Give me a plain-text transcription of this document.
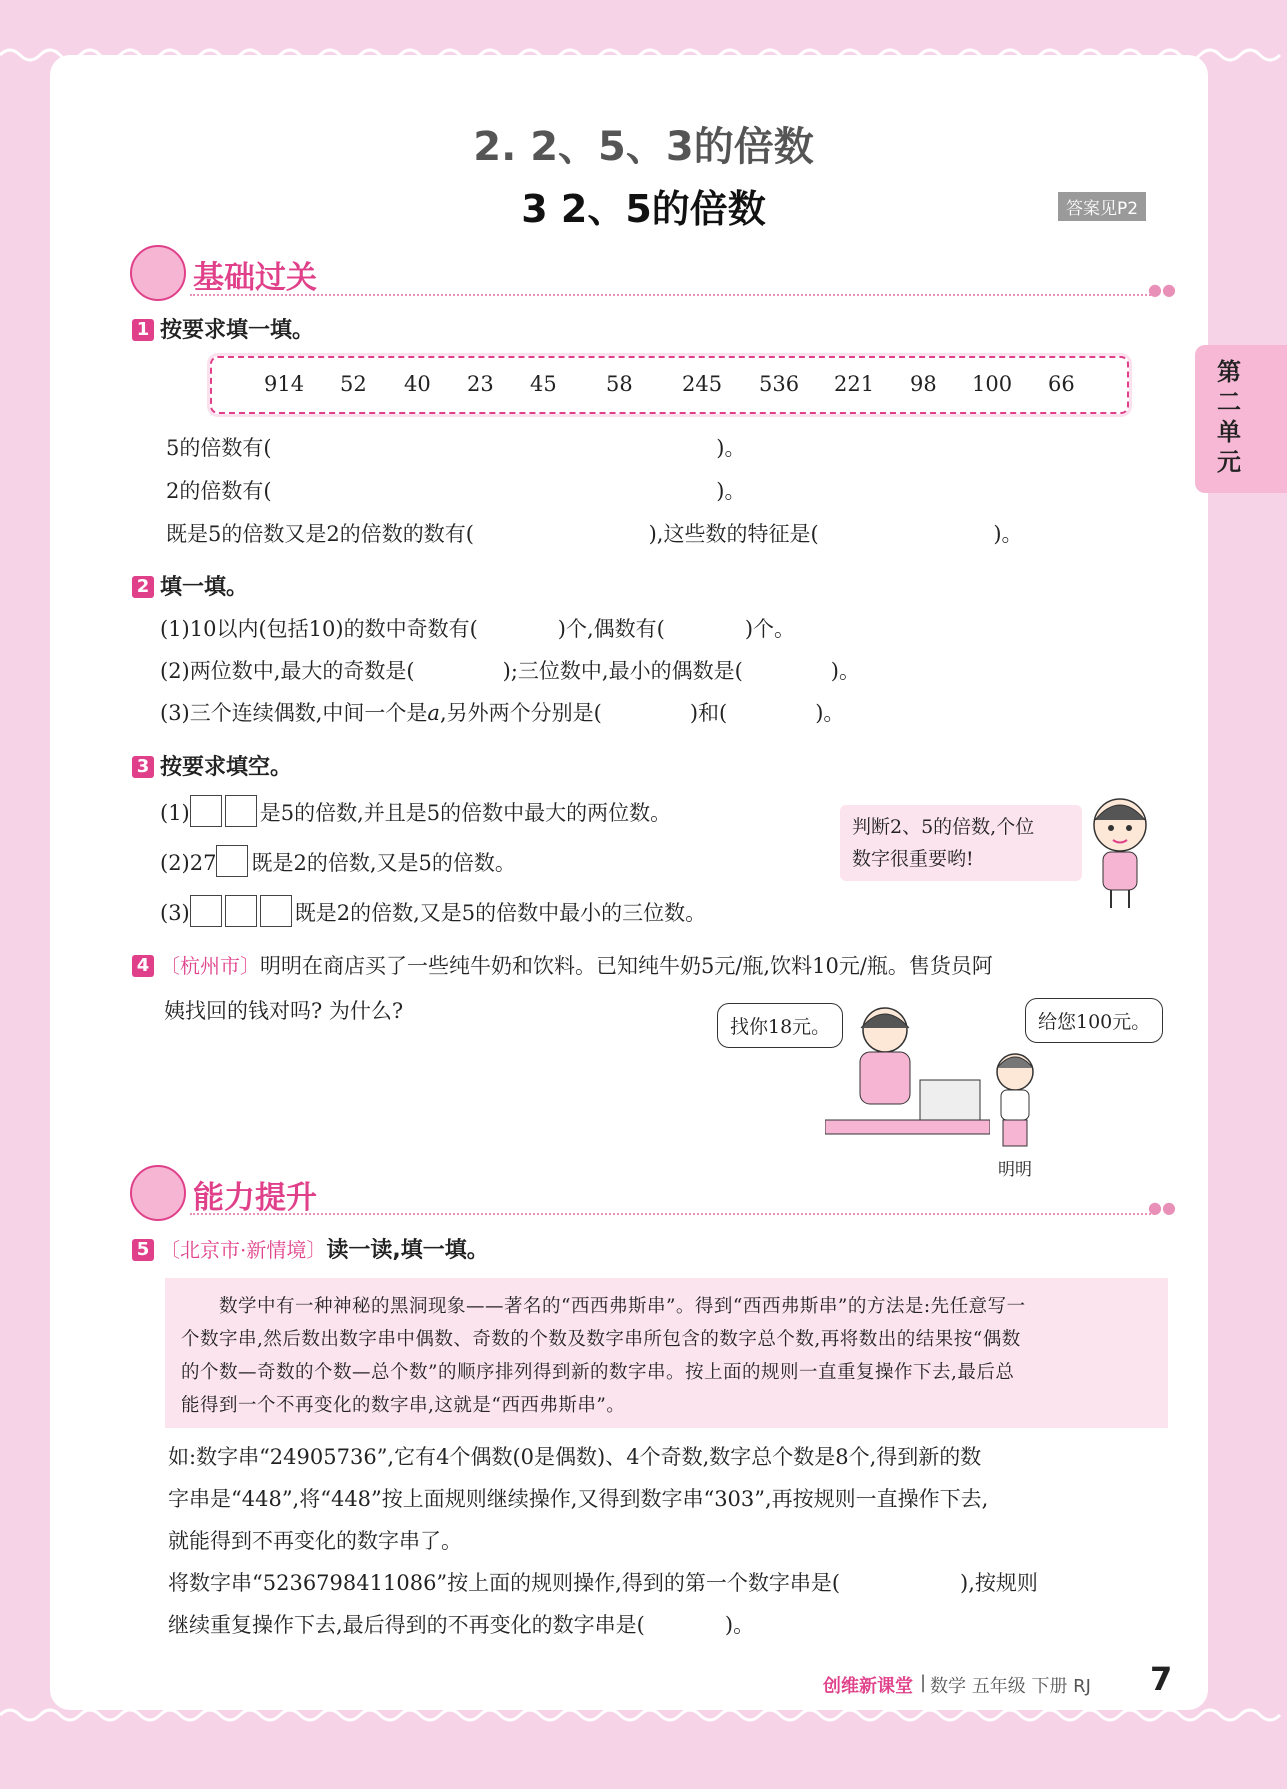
第二单元
2. 2、5、3的倍数
3 2、5的倍数	答案见P2
基础过关	●●
1 按要求填一填。
914 52 40 23 45 58 245 536 221 98 100 66
5的倍数有(	)。
2的倍数有(	)。
既是5的倍数又是2的倍数的数有(	),这些数的特征是(	)。
2 填一填。
(1)10以内(包括10)的数中奇数有(	)个,偶数有(	)个。
(2)两位数中,最大的奇数是(	);三位数中,最小的偶数是(	)。
(3)三个连续偶数,中间一个是a,另外两个分别是(	)和(	)。
3 按要求填空。
(1)	是5的倍数,并且是5的倍数中最大的两位数。
(2)27 既是2的倍数,又是5的倍数。
(3)	既是2的倍数,又是5的倍数中最小的三位数。
判断2、5的倍数,个位
数字很重要哟!
4 〔杭州市〕明明在商店买了一些纯牛奶和饮料。已知纯牛奶5元/瓶,饮料10元/瓶。售货员阿
姨找回的钱对吗? 为什么?
找你18元。	给您100元。
明明
能力提升	●●
5 〔北京市·新情境〕读一读,填一填。
数学中有一种神秘的黑洞现象——著名的“西西弗斯串”。得到“西西弗斯串”的方法是:先任意写一
个数字串,然后数出数字串中偶数、奇数的个数及数字串所包含的数字总个数,再将数出的结果按“偶数
的个数—奇数的个数—总个数”的顺序排列得到新的数字串。按上面的规则一直重复操作下去,最后总
能得到一个不再变化的数字串,这就是“西西弗斯串”。
如:数字串“24905736”,它有4个偶数(0是偶数)、4个奇数,数字总个数是8个,得到新的数
字串是“448”,将“448”按上面规则继续操作,又得到数字串“303”,再按规则一直操作下去,
就能得到不再变化的数字串了。
将数字串“5236798411086”按上面的规则操作,得到的第一个数字串是(	),按规则
继续重复操作下去,最后得到的不再变化的数字串是(	)。
创维新课堂 | 数学 五年级 下册 RJ 7
